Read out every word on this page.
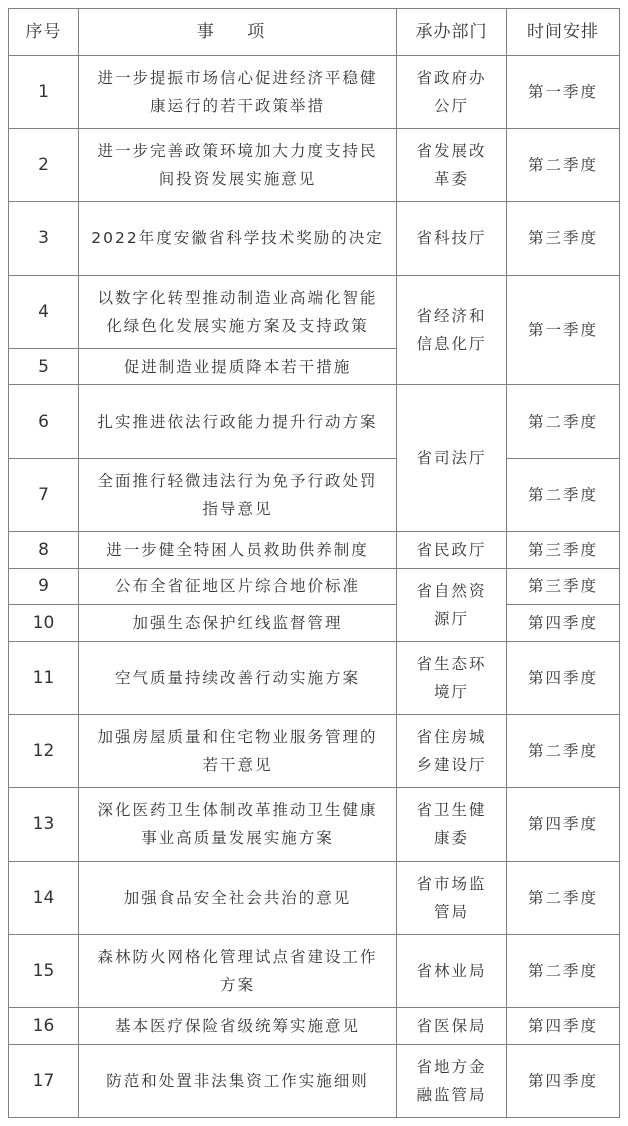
序号	事 项	承办部门	时间安排
1	进一步提振市场信心促进经济平稳健康运行的若干政策举措	省政府办公厅	第一季度
2	进一步完善政策环境加大力度支持民间投资发展实施意见	省发展改革委	第二季度
3	2022年度安徽省科学技术奖励的决定	省科技厅	第三季度
4	以数字化转型推动制造业高端化智能化绿色化发展实施方案及支持政策	省经济和信息化厅	第一季度
5	促进制造业提质降本若干措施		
6	扎实推进依法行政能力提升行动方案	省司法厅	第二季度
7	全面推行轻微违法行为免予行政处罚指导意见		第二季度
8	进一步健全特困人员救助供养制度	省民政厅	第三季度
9	公布全省征地区片综合地价标准	省自然资源厅	第三季度
10	加强生态保护红线监督管理		第四季度
11	空气质量持续改善行动实施方案	省生态环境厅	第四季度
12	加强房屋质量和住宅物业服务管理的若干意见	省住房城乡建设厅	第二季度
13	深化医药卫生体制改革推动卫生健康事业高质量发展实施方案	省卫生健康委	第四季度
14	加强食品安全社会共治的意见	省市场监管局	第二季度
15	森林防火网格化管理试点省建设工作方案	省林业局	第二季度
16	基本医疗保险省级统筹实施意见	省医保局	第四季度
17	防范和处置非法集资工作实施细则	省地方金融监管局	第四季度
